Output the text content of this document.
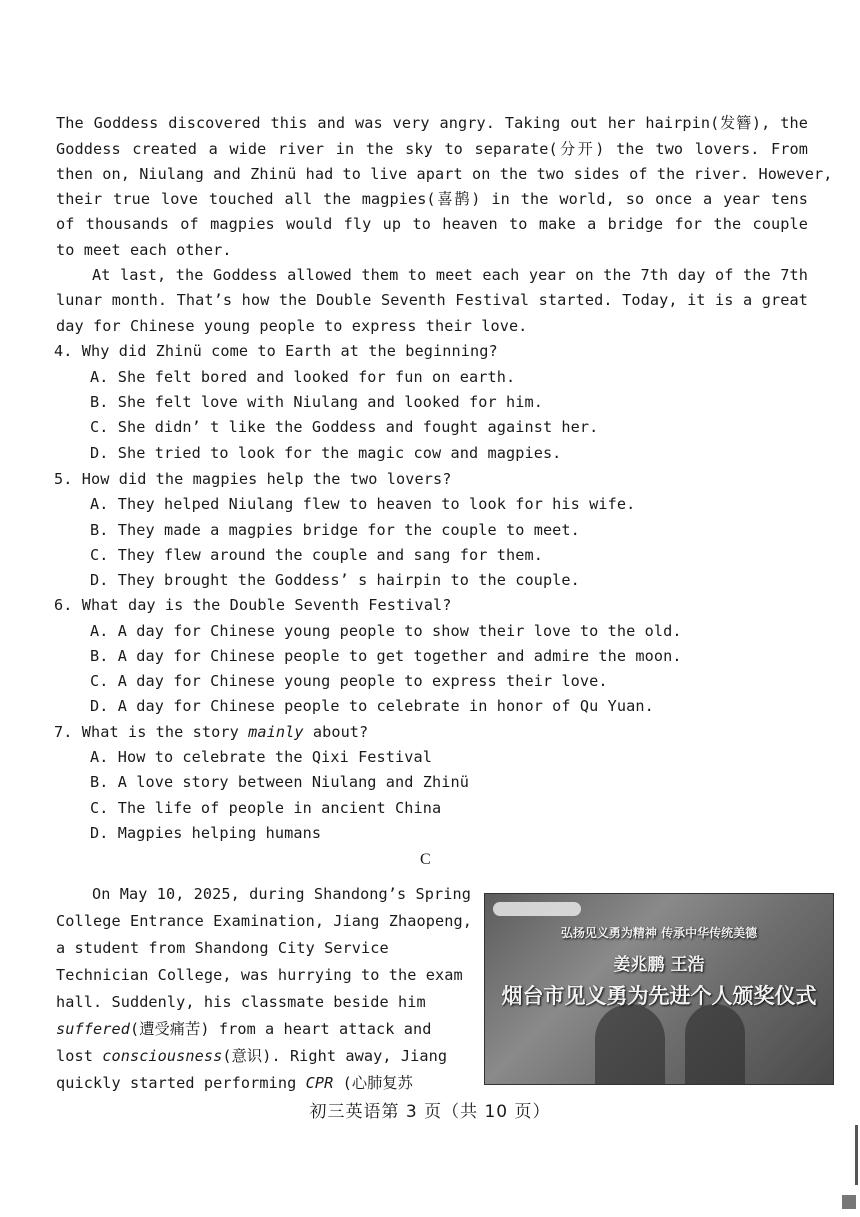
The Goddess discovered this and was very angry. Taking out her hairpin(发簪), the
Goddess created a wide river in the sky to separate(分开) the two lovers. From
then on, Niulang and Zhinü had to live apart on the two sides of the river. However,
their true love touched all the magpies(喜鹊) in the world, so once a year tens
of thousands of magpies would fly up to heaven to make a bridge for the couple
to meet each other.
At last, the Goddess allowed them to meet each year on the 7th day of the 7th
lunar month. That’s how the Double Seventh Festival started. Today, it is a great
day for Chinese young people to express their love.
4. Why did Zhinü come to Earth at the beginning?
A. She felt bored and looked for fun on earth.
B. She felt love with Niulang and looked for him.
C. She didn’ t like the Goddess and fought against her.
D. She tried to look for the magic cow and magpies.
5. How did the magpies help the two lovers?
A. They helped Niulang flew to heaven to look for his wife.
B. They made a magpies bridge for the couple to meet.
C. They flew around the couple and sang for them.
D. They brought the Goddess’ s hairpin to the couple.
6. What day is the Double Seventh Festival?
A. A day for Chinese young people to show their love to the old.
B. A day for Chinese people to get together and admire the moon.
C. A day for Chinese young people to express their love.
D. A day for Chinese people to celebrate in honor of Qu Yuan.
7. What is the story mainly about?
A. How to celebrate the Qixi Festival
B. A love story between Niulang and Zhinü
C. The life of people in ancient China
D. Magpies helping humans
C
On May 10, 2025, during Shandong’s Spring
College Entrance Examination, Jiang Zhaopeng,
a student from Shandong City Service
Technician College, was hurrying to the exam
hall. Suddenly, his classmate beside him
suffered(遭受痛苦) from a heart attack and
lost consciousness(意识). Right away, Jiang
quickly started performing CPR (心肺复苏
弘扬见义勇为精神 传承中华传统美德
姜兆鹏 王浩
烟台市见义勇为先进个人颁奖仪式
初三英语第 3 页（共 10 页）
